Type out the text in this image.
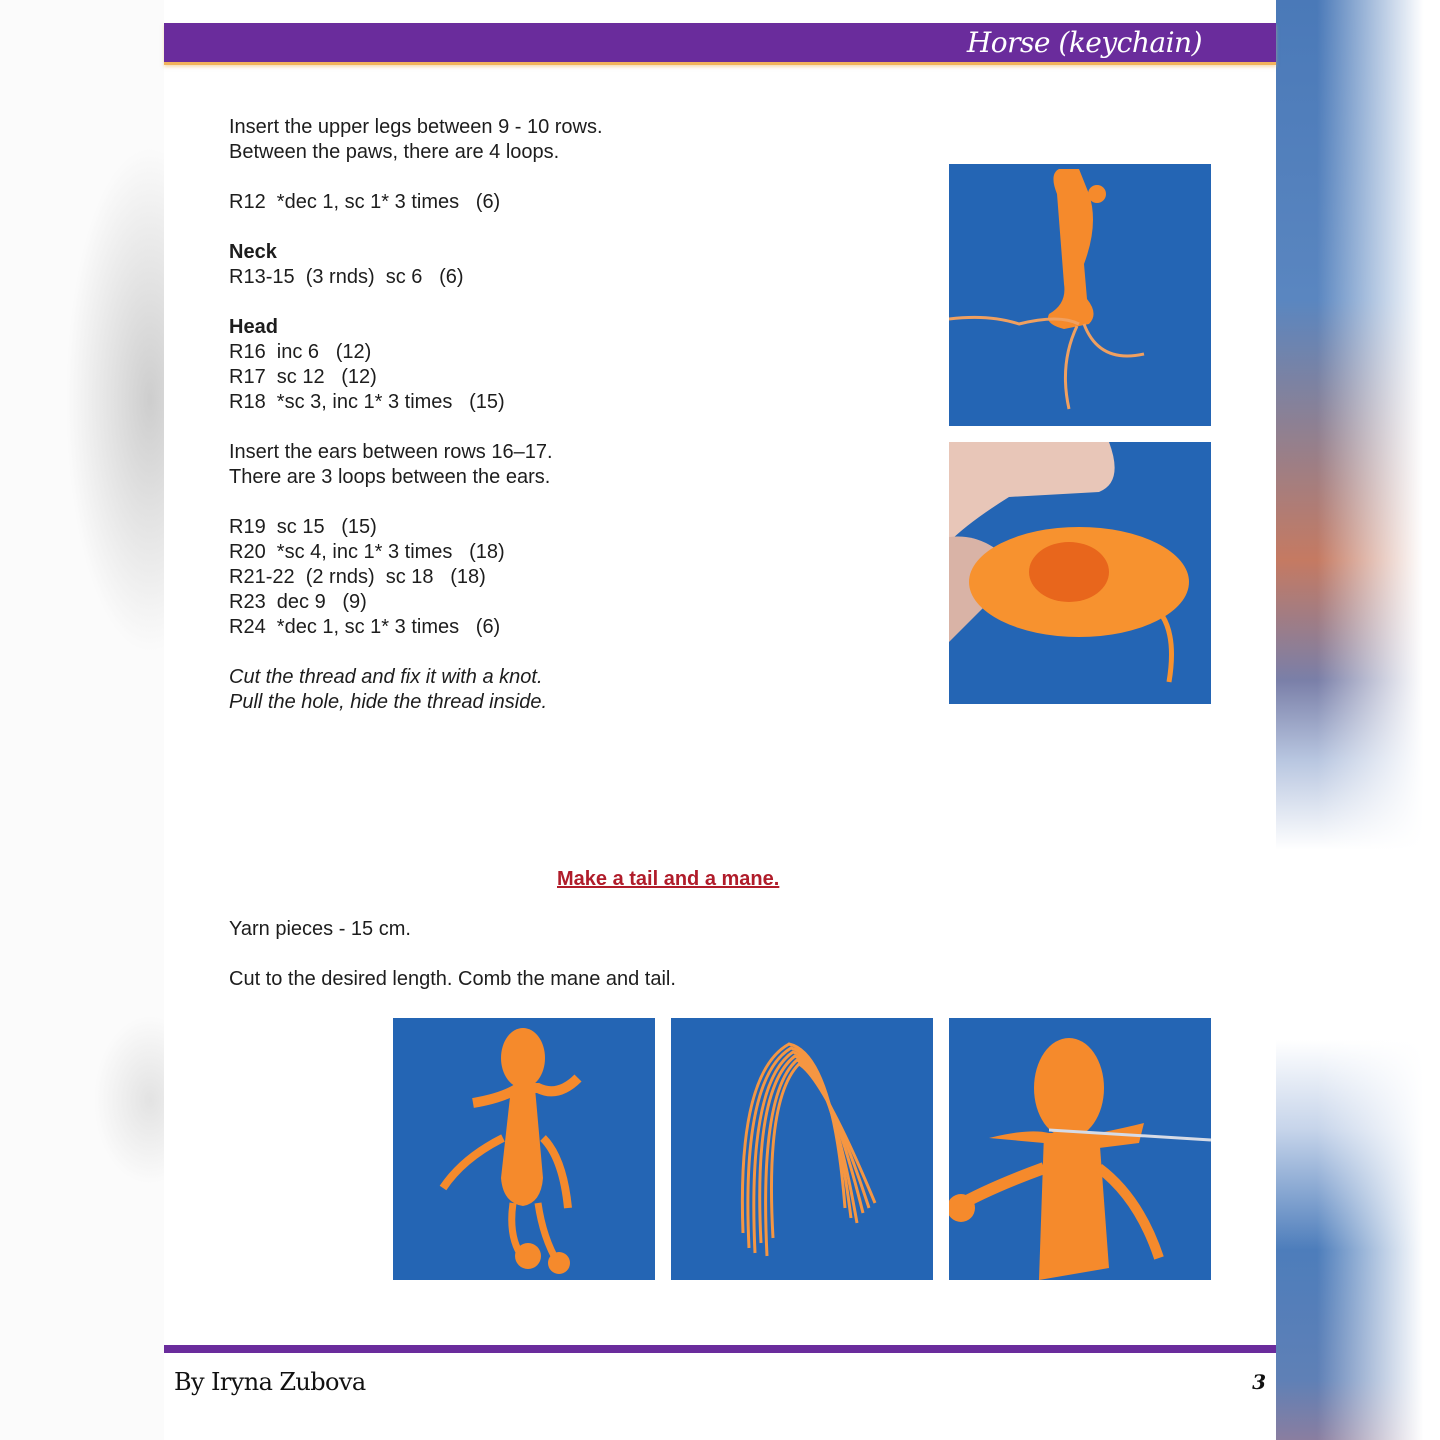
Horse (keychain)

Insert the upper legs between 9 - 10 rows.

Between the paws, there are 4 loops.

R12  *dec 1, sc 1* 3 times   (6)

Neck

R13-15  (3 rnds)  sc 6   (6)

Head

R16  inc 6   (12)

R17  sc 12   (12)

R18  *sc 3, inc 1* 3 times   (15)

Insert the ears between rows 16–17.

There are 3 loops between the ears.

R19  sc 15   (15)

R20  *sc 4, inc 1* 3 times   (18)

R21-22  (2 rnds)  sc 18   (18)

R23  dec 9   (9)

R24  *dec 1, sc 1* 3 times   (6)

Cut the thread and fix it with a knot.

Pull the hole, hide the thread inside.

Make a tail and a mane.
Yarn pieces - 15 cm.
Cut to the desired length. Comb the mane and tail.
By Iryna Zubova	3
